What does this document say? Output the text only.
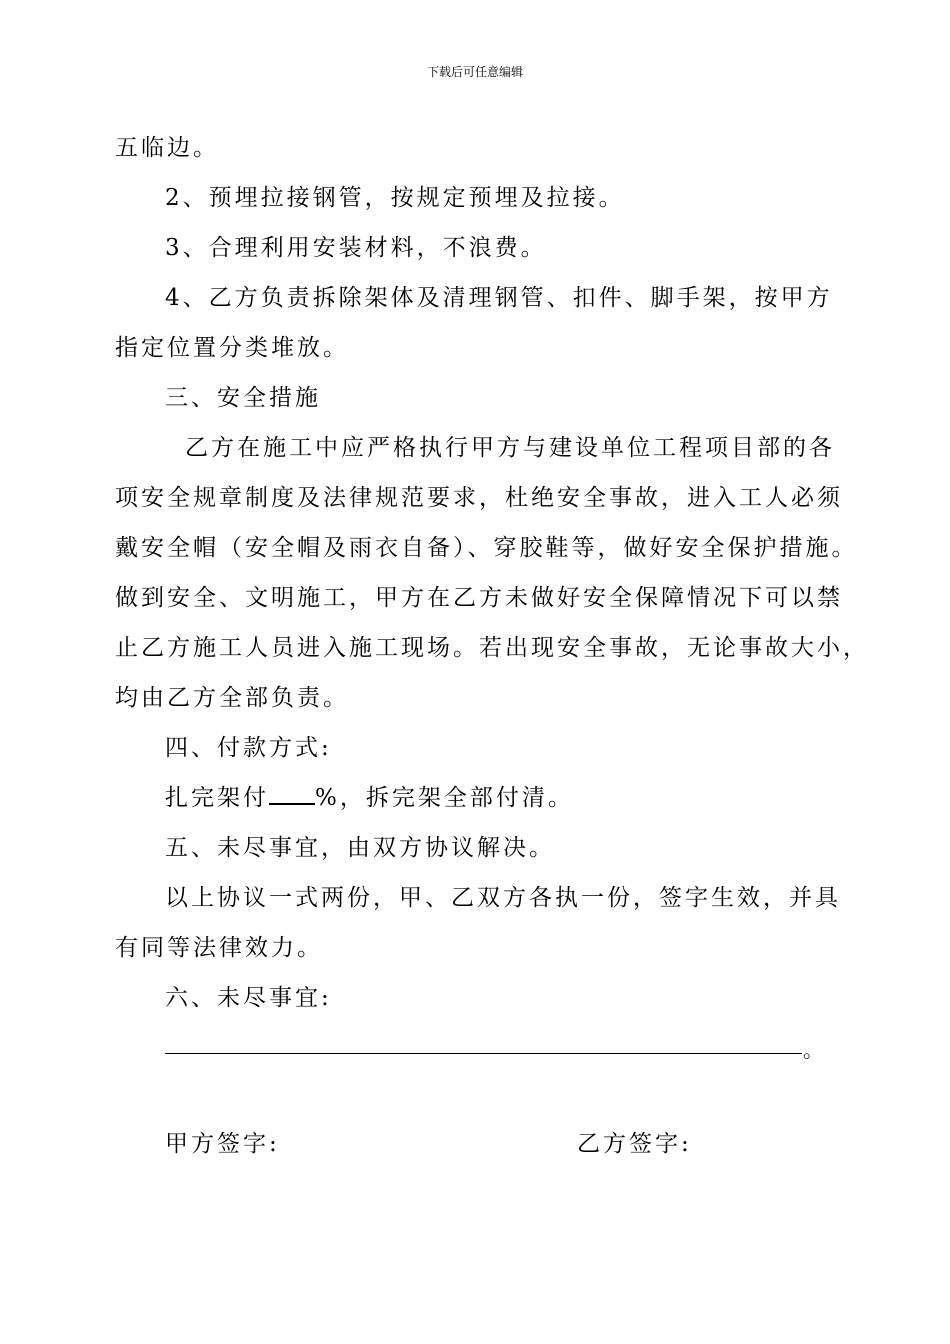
下载后可任意编辑
五临边。
2、预埋拉接钢管，按规定预埋及拉接。
3、合理利用安装材料，不浪费。
4、乙方负责拆除架体及清理钢管、扣件、脚手架，按甲方
指定位置分类堆放。
三、安全措施
乙方在施工中应严格执行甲方与建设单位工程项目部的各
项安全规章制度及法律规范要求，杜绝安全事故，进入工人必须
戴安全帽（安全帽及雨衣自备）、穿胶鞋等，做好安全保护措施。
做到安全、文明施工，甲方在乙方未做好安全保障情况下可以禁
止乙方施工人员进入施工现场。若出现安全事故，无论事故大小，
均由乙方全部负责。
四、付款方式:
扎完架付 %，拆完架全部付清。
五、未尽事宜，由双方协议解决。
以上协议一式两份，甲、乙双方各执一份，签字生效，并具
有同等法律效力。
六、未尽事宜:
。
甲方签字:	乙方签字:
